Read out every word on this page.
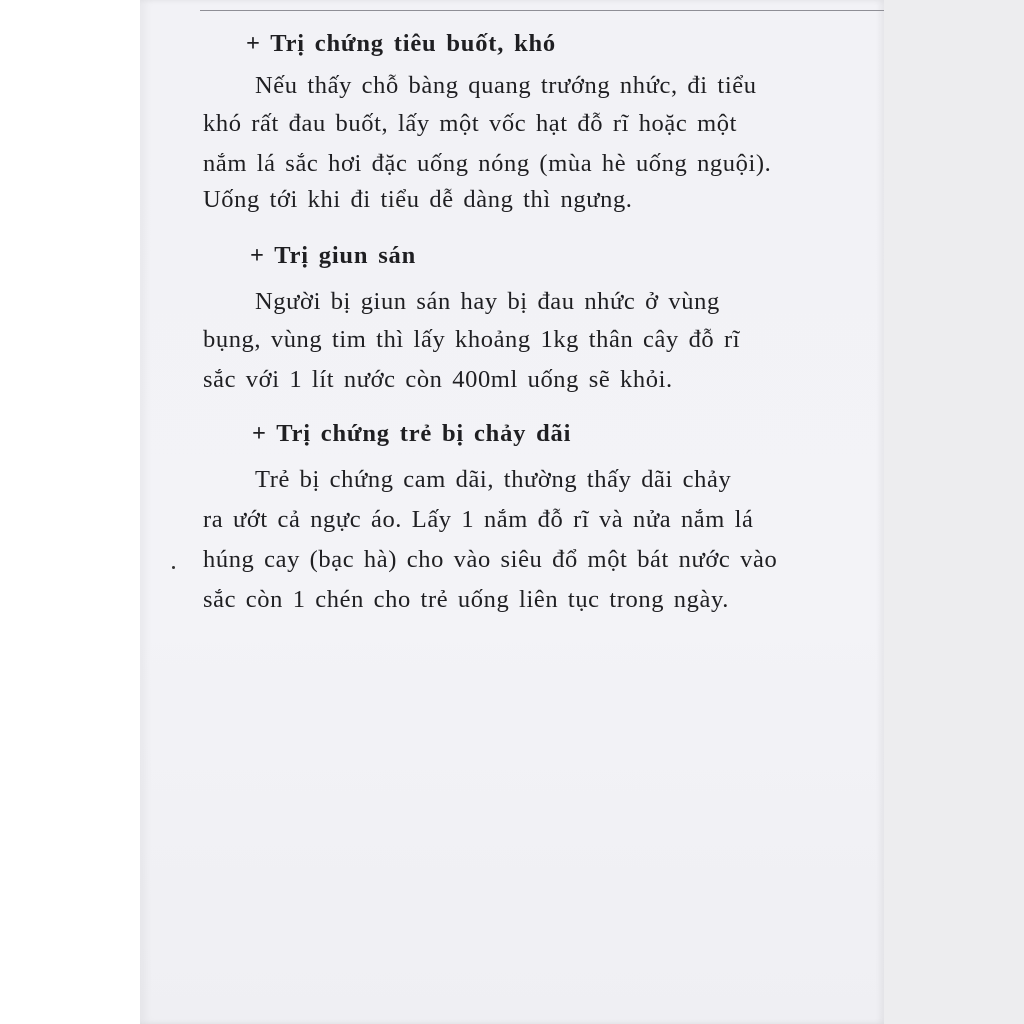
+ Trị chứng tiêu buốt, khó

Nếu thấy chỗ bàng quang trướng nhức, đi tiểu

khó rất đau buốt, lấy một vốc hạt đỗ rĩ hoặc một

nắm lá sắc hơi đặc uống nóng (mùa hè uống nguội).

Uống tới khi đi tiểu dễ dàng thì ngưng.

+ Trị giun sán

Người bị giun sán hay bị đau nhức ở vùng

bụng, vùng tim thì lấy khoảng 1kg thân cây đỗ rĩ

sắc với 1 lít nước còn 400ml uống sẽ khỏi.

+ Trị chứng trẻ bị chảy dãi

Trẻ bị chứng cam dãi, thường thấy dãi chảy

ra ướt cả ngực áo. Lấy 1 nắm đỗ rĩ và nửa nắm lá

húng cay (bạc hà) cho vào siêu đổ một bát nước vào

sắc còn 1 chén cho trẻ uống liên tục trong ngày.
